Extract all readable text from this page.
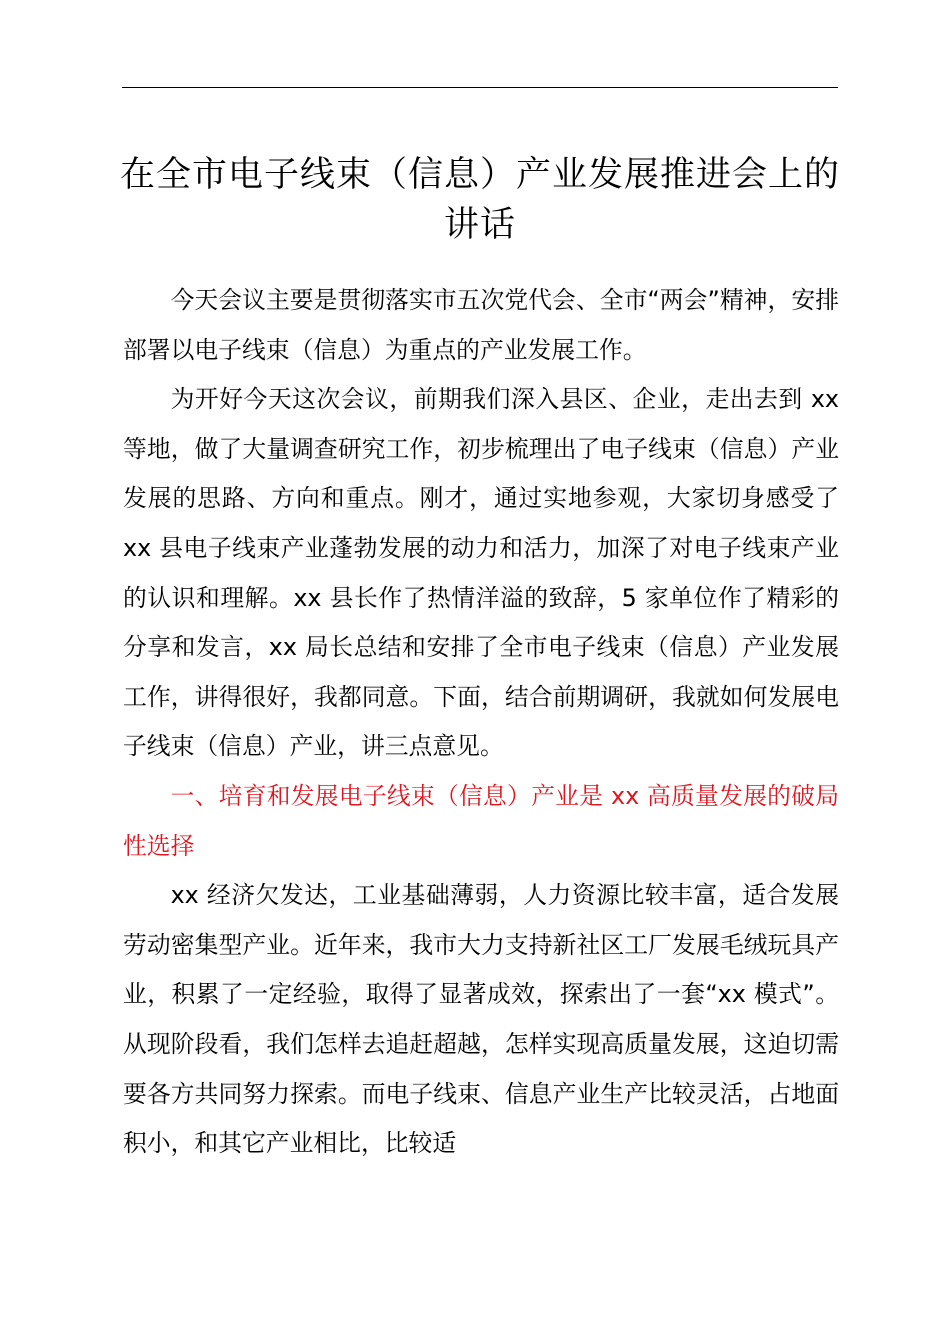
在全市电子线束（信息）产业发展推进会上的讲话

今天会议主要是贯彻落实市五次党代会、全市“两会”精神，安排部署以电子线束（信息）为重点的产业发展工作。

为开好今天这次会议，前期我们深入县区、企业，走出去到 xx 等地，做了大量调查研究工作，初步梳理出了电子线束（信息）产业发展的思路、方向和重点。刚才，通过实地参观，大家切身感受了 xx 县电子线束产业蓬勃发展的动力和活力，加深了对电子线束产业的认识和理解。xx 县长作了热情洋溢的致辞，5 家单位作了精彩的分享和发言，xx 局长总结和安排了全市电子线束（信息）产业发展工作，讲得很好，我都同意。下面，结合前期调研，我就如何发展电子线束（信息）产业，讲三点意见。

一、培育和发展电子线束（信息）产业是 xx 高质量发展的破局性选择

xx 经济欠发达，工业基础薄弱，人力资源比较丰富，适合发展劳动密集型产业。近年来，我市大力支持新社区工厂发展毛绒玩具产业，积累了一定经验，取得了显著成效，探索出了一套“xx 模式”。从现阶段看，我们怎样去追赶超越，怎样实现高质量发展，这迫切需要各方共同努力探索。而电子线束、信息产业生产比较灵活，占地面积小，和其它产业相比，比较适
